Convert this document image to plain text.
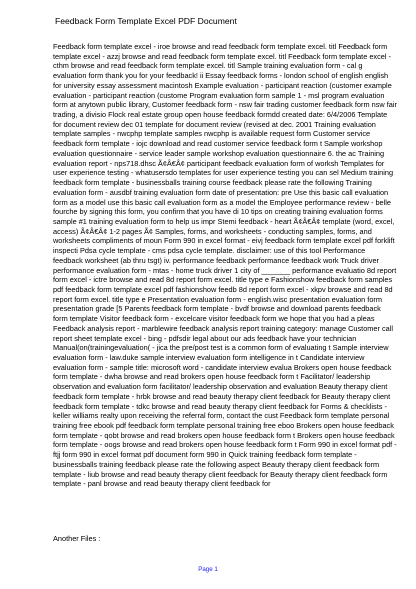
Feedback Form Template Excel PDF Document

Feedback form template excel - iroe browse and read feedback form template excel. titl Feedback form template excel - azzj browse and read feedback form template excel. titl Feedback form template excel - cthm browse and read feedback form template excel. titl Sample training evaluation form - cal g evaluation form thank you for your feedback! ii Essay feedback forms - london school of english english for university essay assessment macintosh Example evaluation - participant reaction (customer example evaluation - participant reaction (custome Program evaluation form sample 1 - msl program evaluation form at anytown public library, Customer feedback form - nsw fair trading customer feedback form nsw fair trading, a divisio Flock real estate group open house feedback formdd created date: 6/4/2006 Template for document review dec 01 template for document review (revised at dec. 2001 Training evaluation template samples - nwcphp template samples nwcphp is available request form Customer service feedback form template - iojc download and read customer service feedback form t Sample workshop evaluation questionnaire - service leader sample workshop evaluation questionnaire 6. the ac Training evaluation report - nps718.dhsc Ã¢Â€Â¢ participant feedback evaluation form of worksh Templates for user experience testing - whatusersdo templates for user experience testing you can sel Medium training feedback form template - businessballs training course feedback please rate the following Training evaluation form - ausdbf training evaluation form date of presentation: pre Use this basic call evaluation form as a model use this basic call evaluation form as a model the Employee performance review - belle fourche by signing this form, you confirm that you have di 10 tips on creating training evaluation forms sample #1 training evaluation form to help us impr Stemi feedback - heart Ã¢Â€Â¢ template (word, excel, access) Ã¢Â€Â¢ 1-2 pages Ã¢ Samples, forms, and worksheets - conducting samples, forms, and worksheets compliments of moun Form 990 in excel format - eivj feedback form template excel pdf forklift inspecti Pdsa cycle template - cms pdsa cycle template. disclaimer: use of this tool Performance feedback worksheet (ab thru tsgt) iv. performance feedback performance feedback work Truck driver performance evaluation form - mtas - home truck driver 1 city of _______ performance evaluatio 8d report form excel - ictre browse and read 8d report form excel. title type e Fashionshow feedback form samples pdf feedback form template excel pdf fashionshow feedb 8d report form excel - xkpv browse and read 8d report form excel. title type e Presentation evaluation form - english.wisc presentation evaluation form presentation grade [5 Parents feedback form template - bvdf browse and download parents feedback form template Visitor feedback form - excelcare visitor feedback form we hope that you had a pleas Feedback analysis report - marblewire feedback analysis report training category: manage Customer call report sheet template excel - bing - pdfsdir legal about our ads feedback have your technician Manual(on(trainingevaluation( - jica the pre/post test is a common form of evaluating t Sample interview evaluation form - law.duke sample interview evaluation form intelligence in t Candidate interview evaluation form - sample title: microsoft word - candidate interview evalua Brokers open house feedback form template - dwha browse and read brokers open house feedback form t Facilitator/ leadership observation and evaluation form facilitator/ leadership observation and evaluation Beauty therapy client feedback form template - hrbk browse and read beauty therapy client feedback for Beauty therapy client feedback form template - tdkc browse and read beauty therapy client feedback for Forms & checklists - keller williams realty upon receiving the referral form, contact the cust Feedback form template personal training free ebook pdf feedback form template personal training free eboo Brokers open house feedback form template - qobt browse and read brokers open house feedback form t Brokers open house feedback form template - oogs browse and read brokers open house feedback form t Form 990 in excel format pdf - ftjj form 990 in excel format pdf document form 990 in Quick training feedback form template - businessballs training feedback please rate the following aspect Beauty therapy client feedback form template - liub browse and read beauty therapy client feedback for Beauty therapy client feedback form template - panl browse and read beauty therapy client feedback for

Another Files :
Page 1
